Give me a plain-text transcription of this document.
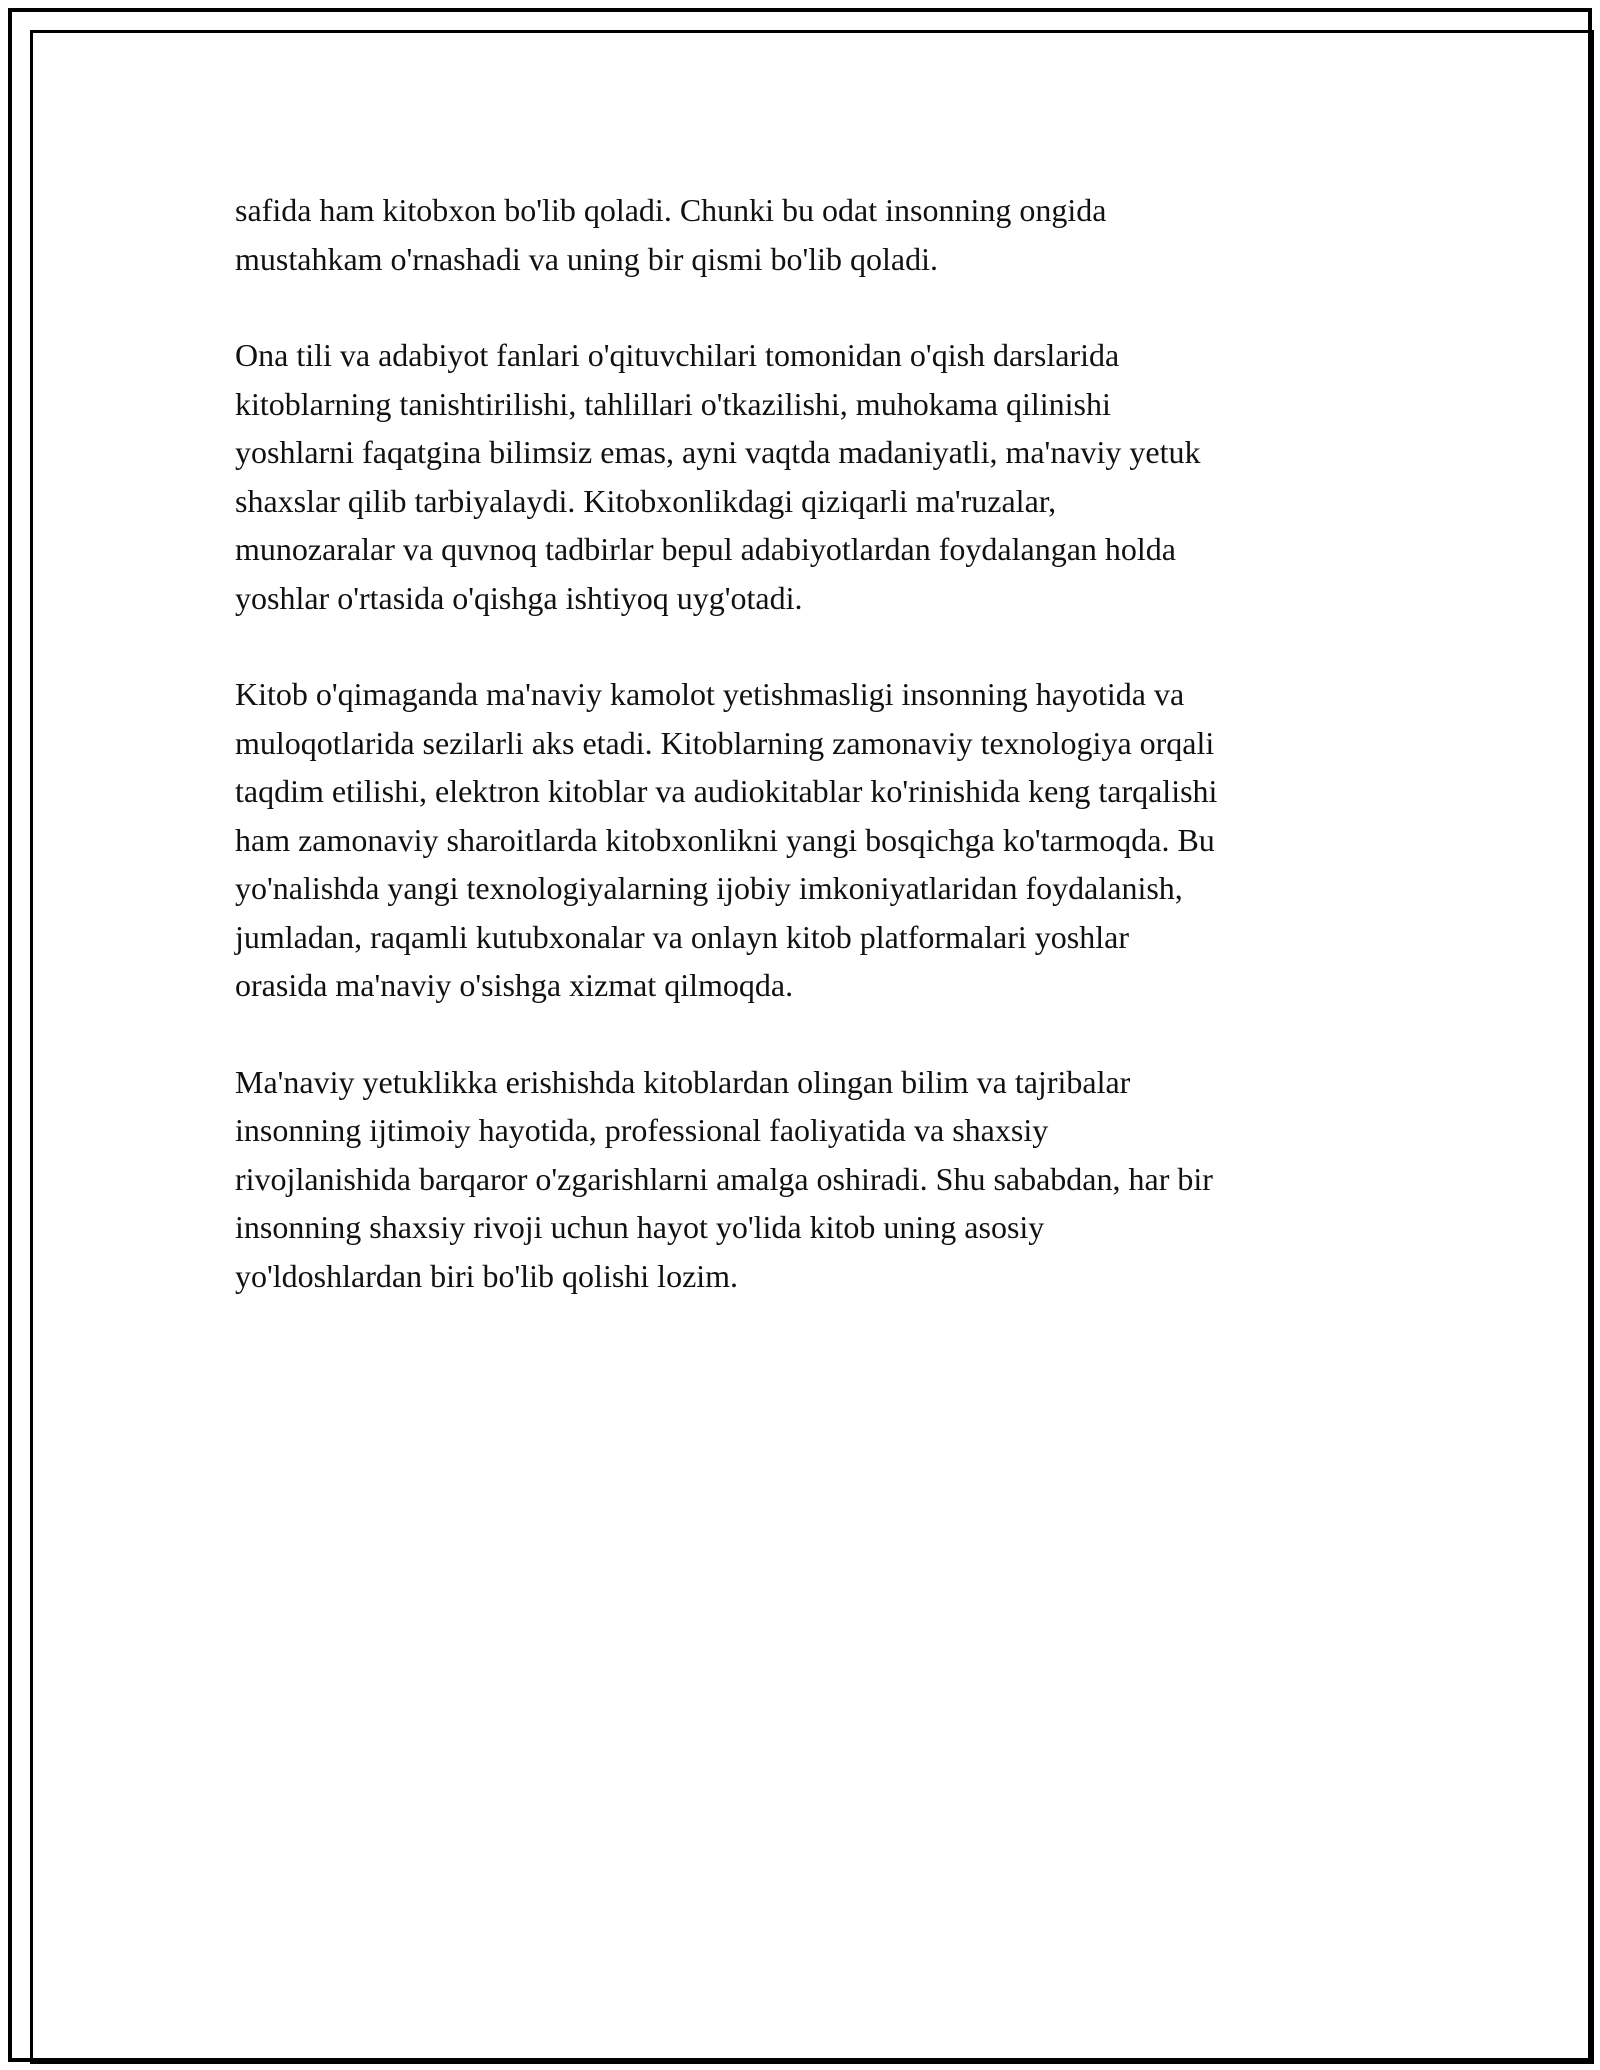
safida ham kitobxon bo'lib qoladi. Chunki bu odat insonning ongida
mustahkam o'rnashadi va uning bir qismi bo'lib qoladi.

Ona tili va adabiyot fanlari o'qituvchilari tomonidan o'qish darslarida
kitoblarning tanishtirilishi, tahlillari o'tkazilishi, muhokama qilinishi
yoshlarni faqatgina bilimsiz emas, ayni vaqtda madaniyatli, ma'naviy yetuk
shaxslar qilib tarbiyalaydi. Kitobxonlikdagi qiziqarli ma'ruzalar,
munozaralar va quvnoq tadbirlar bepul adabiyotlardan foydalangan holda
yoshlar o'rtasida o'qishga ishtiyoq uyg'otadi.

Kitob o'qimaganda ma'naviy kamolot yetishmasligi insonning hayotida va
muloqotlarida sezilarli aks etadi. Kitoblarning zamonaviy texnologiya orqali
taqdim etilishi, elektron kitoblar va audiokitablar ko'rinishida keng tarqalishi
ham zamonaviy sharoitlarda kitobxonlikni yangi bosqichga ko'tarmoqda. Bu
yo'nalishda yangi texnologiyalarning ijobiy imkoniyatlaridan foydalanish,
jumladan, raqamli kutubxonalar va onlayn kitob platformalari yoshlar
orasida ma'naviy o'sishga xizmat qilmoqda.

Ma'naviy yetuklikka erishishda kitoblardan olingan bilim va tajribalar
insonning ijtimoiy hayotida, professional faoliyatida va shaxsiy
rivojlanishida barqaror o'zgarishlarni amalga oshiradi. Shu sababdan, har bir
insonning shaxsiy rivoji uchun hayot yo'lida kitob uning asosiy
yo'ldoshlardan biri bo'lib qolishi lozim.
